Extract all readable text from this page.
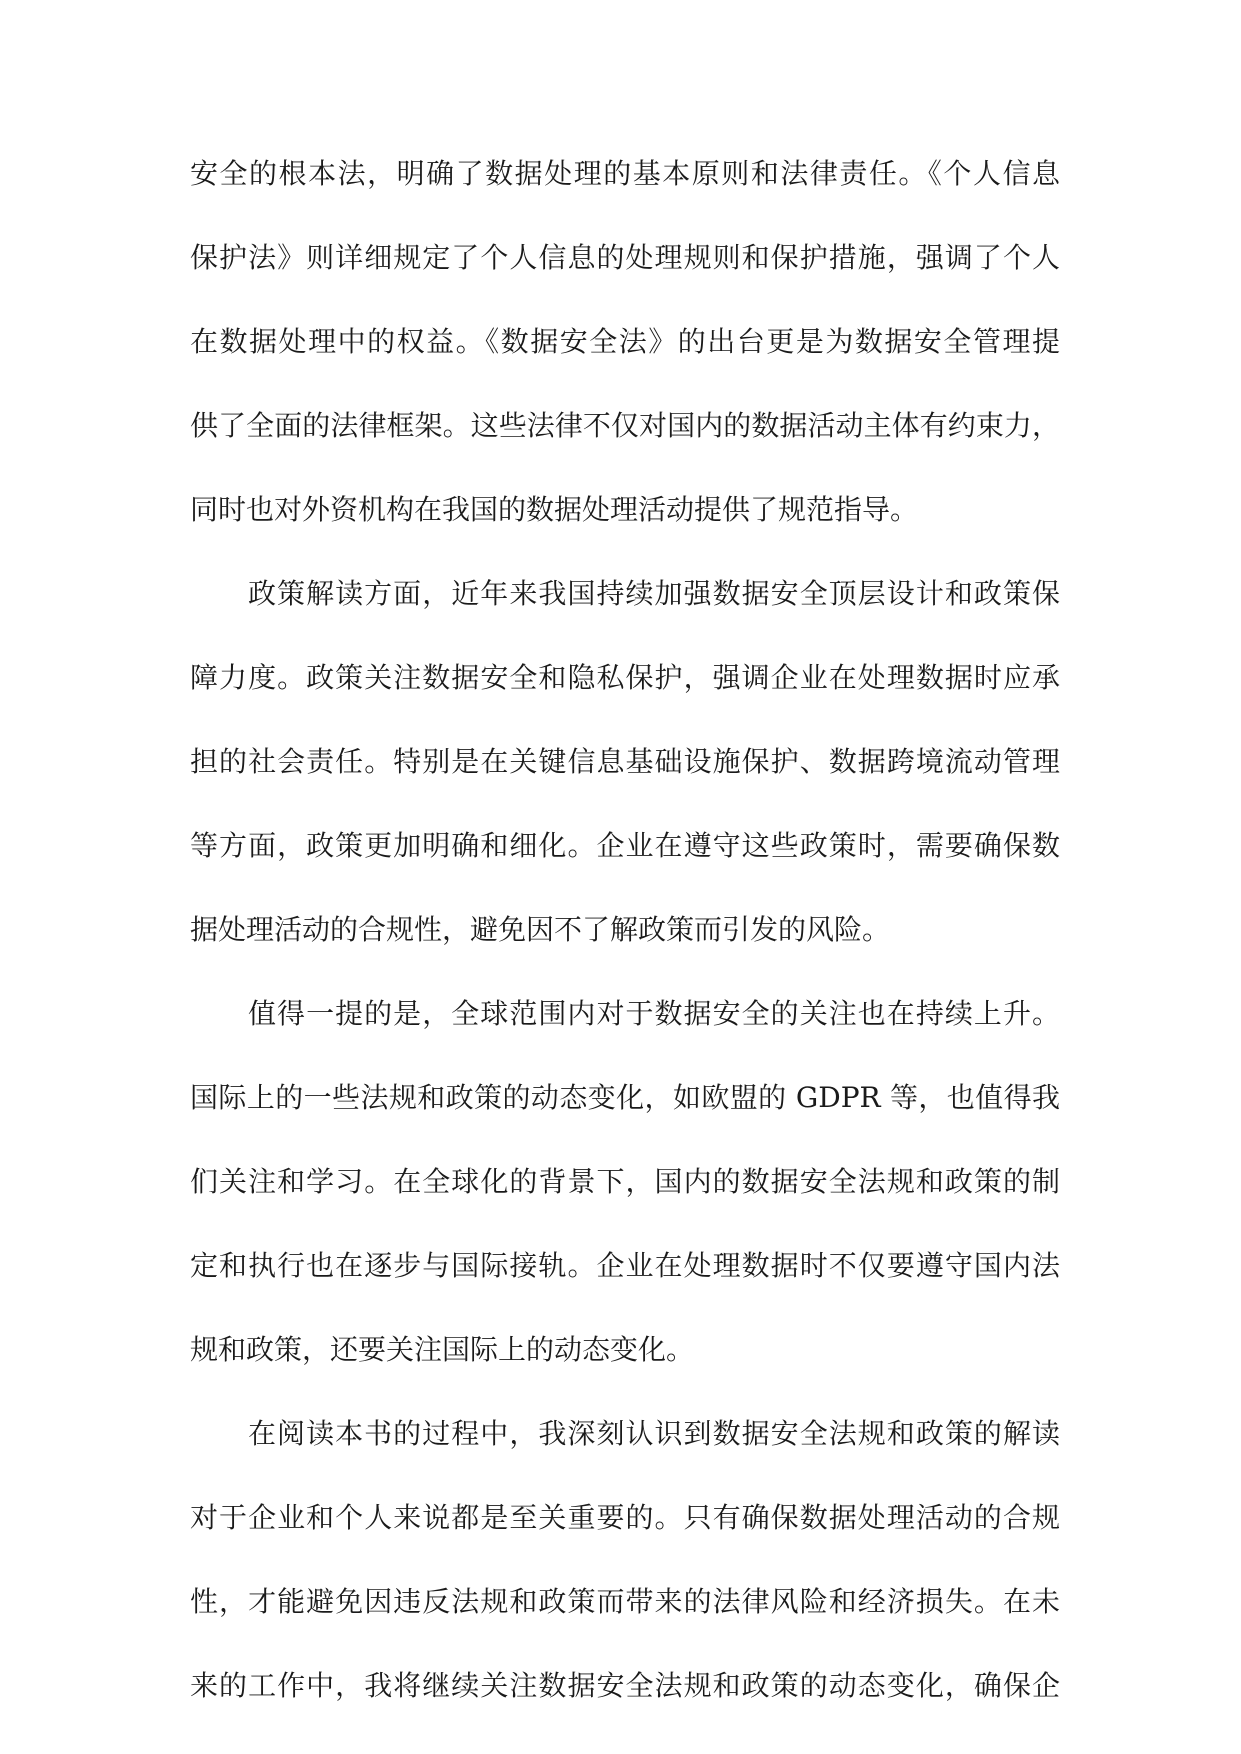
安全的根本法，明确了数据处理的基本原则和法律责任。《个人信息
保护法》则详细规定了个人信息的处理规则和保护措施，强调了个人
在数据处理中的权益。《数据安全法》的出台更是为数据安全管理提
供了全面的法律框架。这些法律不仅对国内的数据活动主体有约束力，
同时也对外资机构在我国的数据处理活动提供了规范指导。
政策解读方面，近年来我国持续加强数据安全顶层设计和政策保
障力度。政策关注数据安全和隐私保护，强调企业在处理数据时应承
担的社会责任。特别是在关键信息基础设施保护、数据跨境流动管理
等方面，政策更加明确和细化。企业在遵守这些政策时，需要确保数
据处理活动的合规性，避免因不了解政策而引发的风险。
值得一提的是，全球范围内对于数据安全的关注也在持续上升。
国际上的一些法规和政策的动态变化，如欧盟的 GDPR 等，也值得我
们关注和学习。在全球化的背景下，国内的数据安全法规和政策的制
定和执行也在逐步与国际接轨。企业在处理数据时不仅要遵守国内法
规和政策，还要关注国际上的动态变化。
在阅读本书的过程中，我深刻认识到数据安全法规和政策的解读
对于企业和个人来说都是至关重要的。只有确保数据处理活动的合规
性，才能避免因违反法规和政策而带来的法律风险和经济损失。在未
来的工作中，我将继续关注数据安全法规和政策的动态变化，确保企
